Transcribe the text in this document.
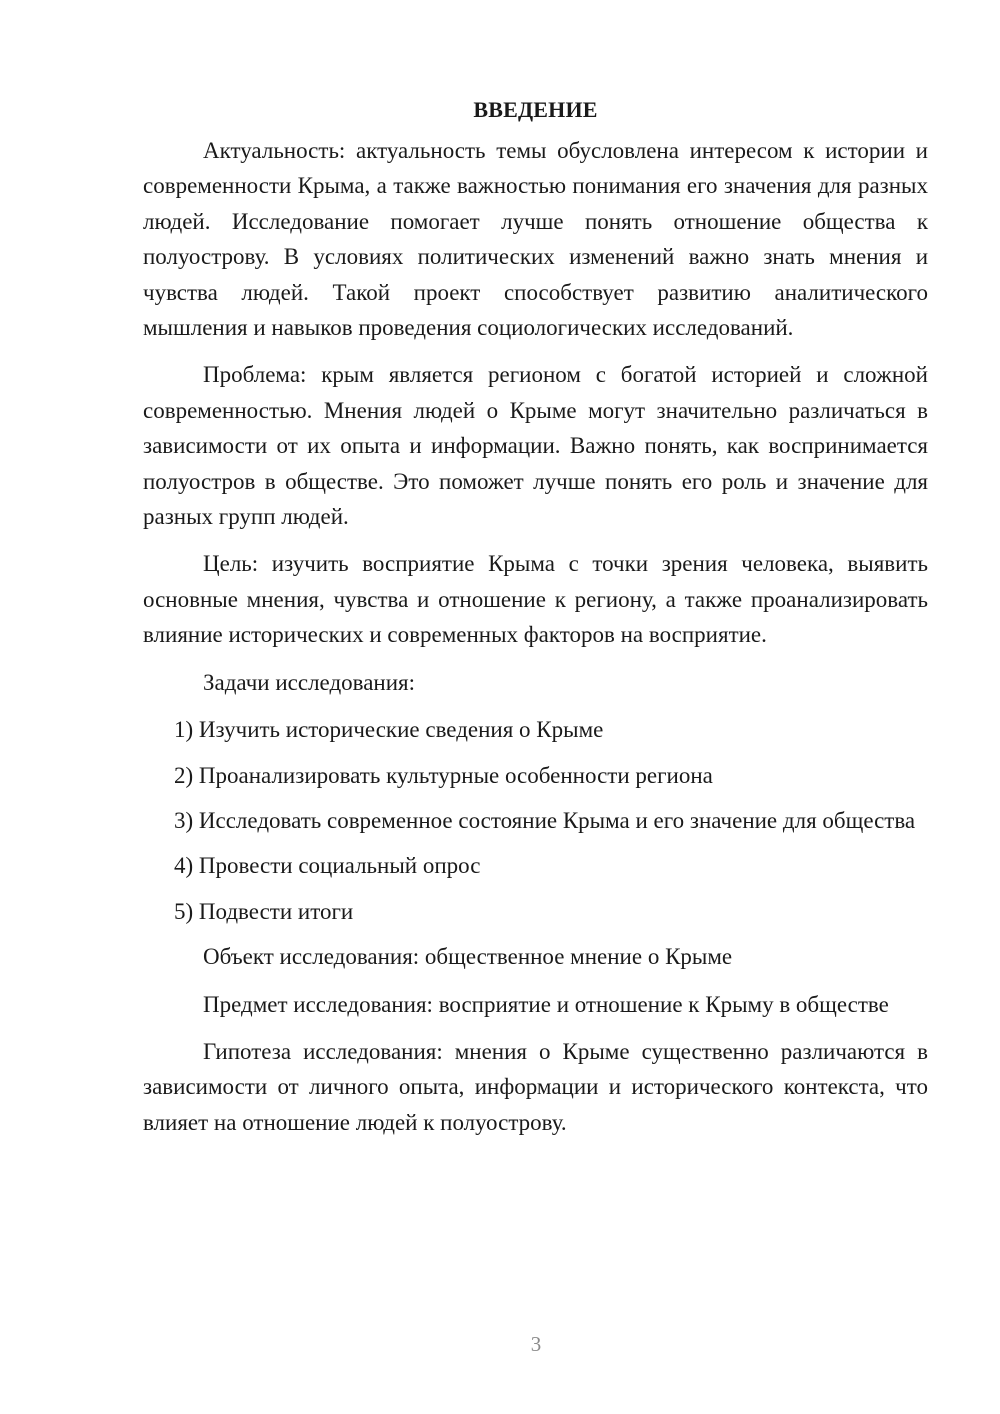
ВВЕДЕНИЕ

Актуальность: актуальность темы обусловлена интересом к истории и современности Крыма, а также важностью понимания его значения для разных людей. Исследование помогает лучше понять отношение общества к полуострову. В условиях политических изменений важно знать мнения и чувства людей. Такой проект способствует развитию аналитического мышления и навыков проведения социологических исследований.

Проблема: крым является регионом с богатой историей и сложной современностью. Мнения людей о Крыме могут значительно различаться в зависимости от их опыта и информации. Важно понять, как воспринимается полуостров в обществе. Это поможет лучше понять его роль и значение для разных групп людей.

Цель: изучить восприятие Крыма с точки зрения человека, выявить основные мнения, чувства и отношение к региону, а также проанализировать влияние исторических и современных факторов на восприятие.

Задачи исследования:

1) Изучить исторические сведения о Крыме

2) Проанализировать культурные особенности региона

3) Исследовать современное состояние Крыма и его значение для общества

4) Провести социальный опрос

5) Подвести итоги

Объект исследования: общественное мнение о Крыме

Предмет исследования: восприятие и отношение к Крыму в обществе

Гипотеза исследования: мнения о Крыме существенно различаются в зависимости от личного опыта, информации и исторического контекста, что влияет на отношение людей к полуострову.

3
